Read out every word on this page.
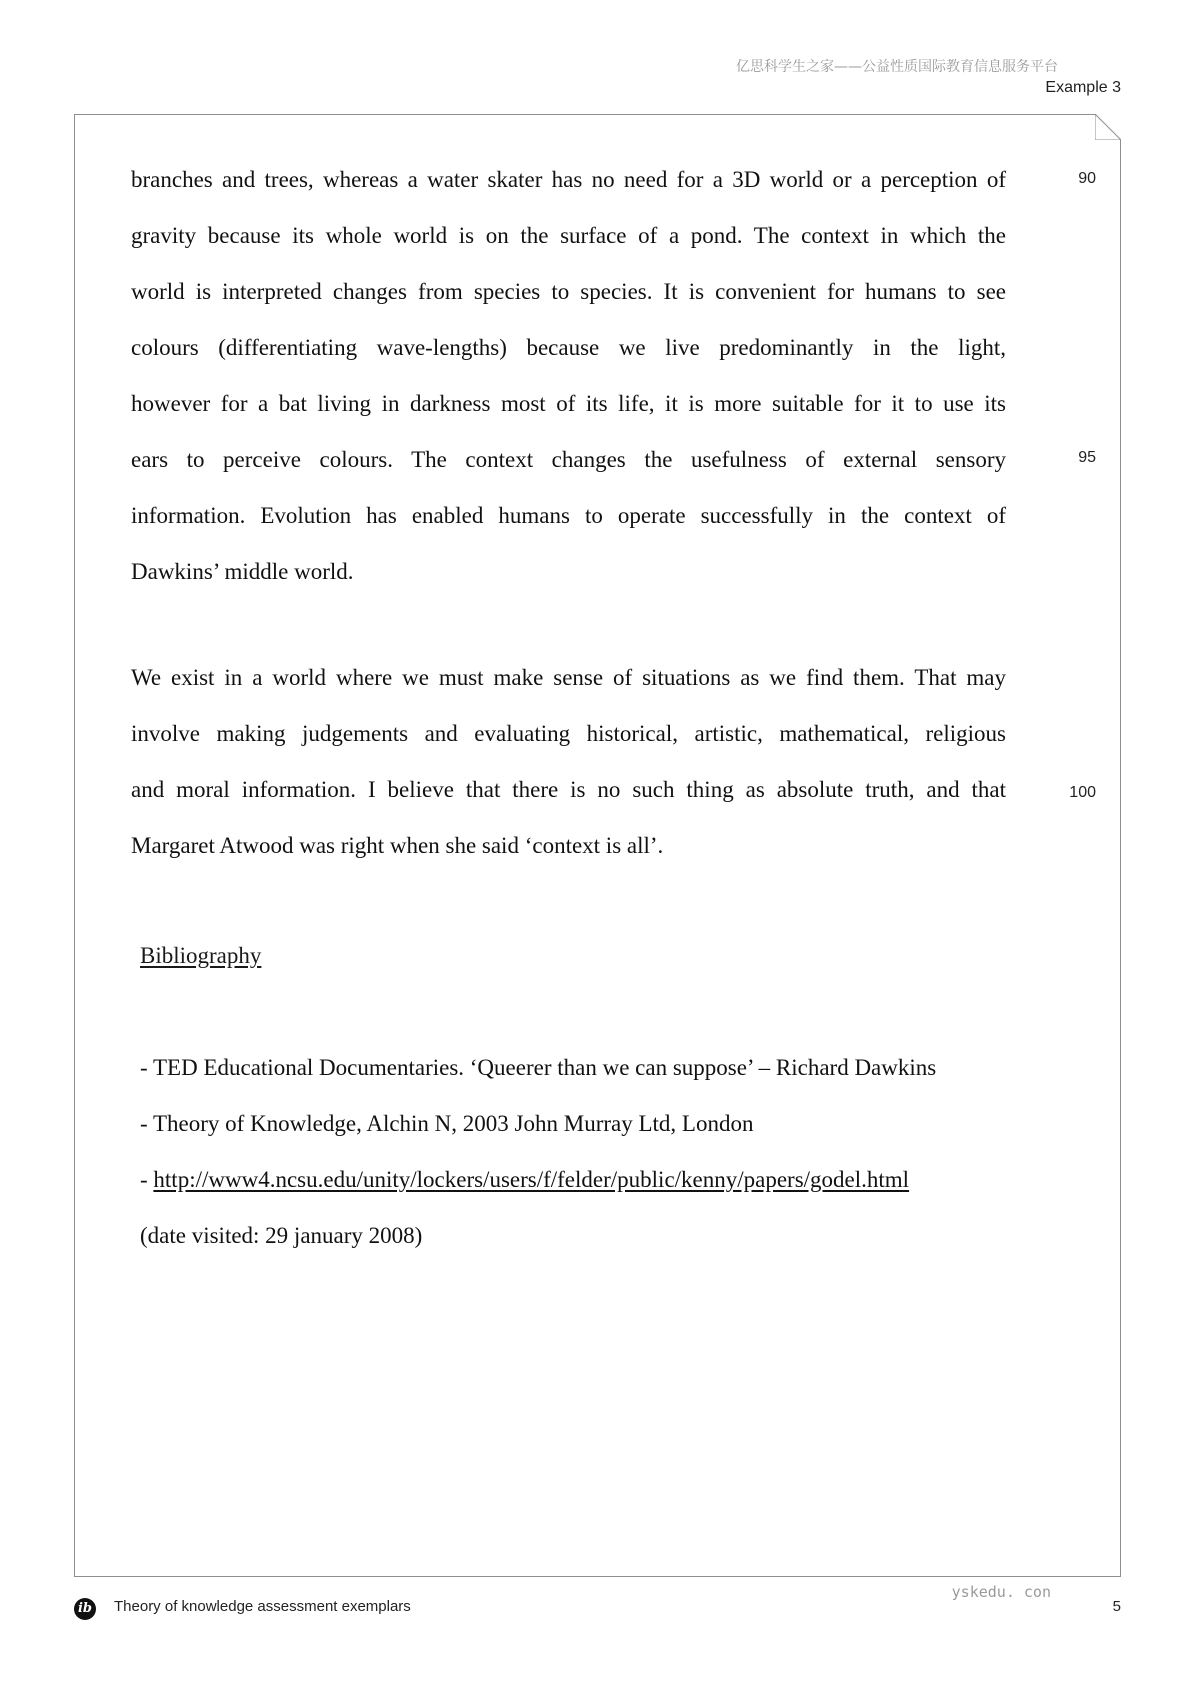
亿思科学生之家——公益性质国际教育信息服务平台
Example 3
branches and trees, whereas a water skater has no need for a 3D world or a perception of
gravity because its whole world is on the surface of a pond. The context in which the
world is interpreted changes from species to species. It is convenient for humans to see
colours (differentiating wave-lengths) because we live predominantly in the light,
however for a bat living in darkness most of its life, it is more suitable for it to use its
ears to perceive colours. The context changes the usefulness of external sensory
information. Evolution has enabled humans to operate successfully in the context of
Dawkins’ middle world.
We exist in a world where we must make sense of situations as we find them. That may
involve making judgements and evaluating historical, artistic, mathematical, religious
and moral information. I believe that there is no such thing as absolute truth, and that
Margaret Atwood was right when she said ‘context is all’.
90
95
100
Bibliography
- TED Educational Documentaries. ‘Queerer than we can suppose’ – Richard Dawkins
- Theory of Knowledge, Alchin N, 2003 John Murray Ltd, London
- http://www4.ncsu.edu/unity/lockers/users/f/felder/public/kenny/papers/godel.html
(date visited: 29 january 2008)
ib Theory of knowledge assessment exemplars
yskedu. con
5
